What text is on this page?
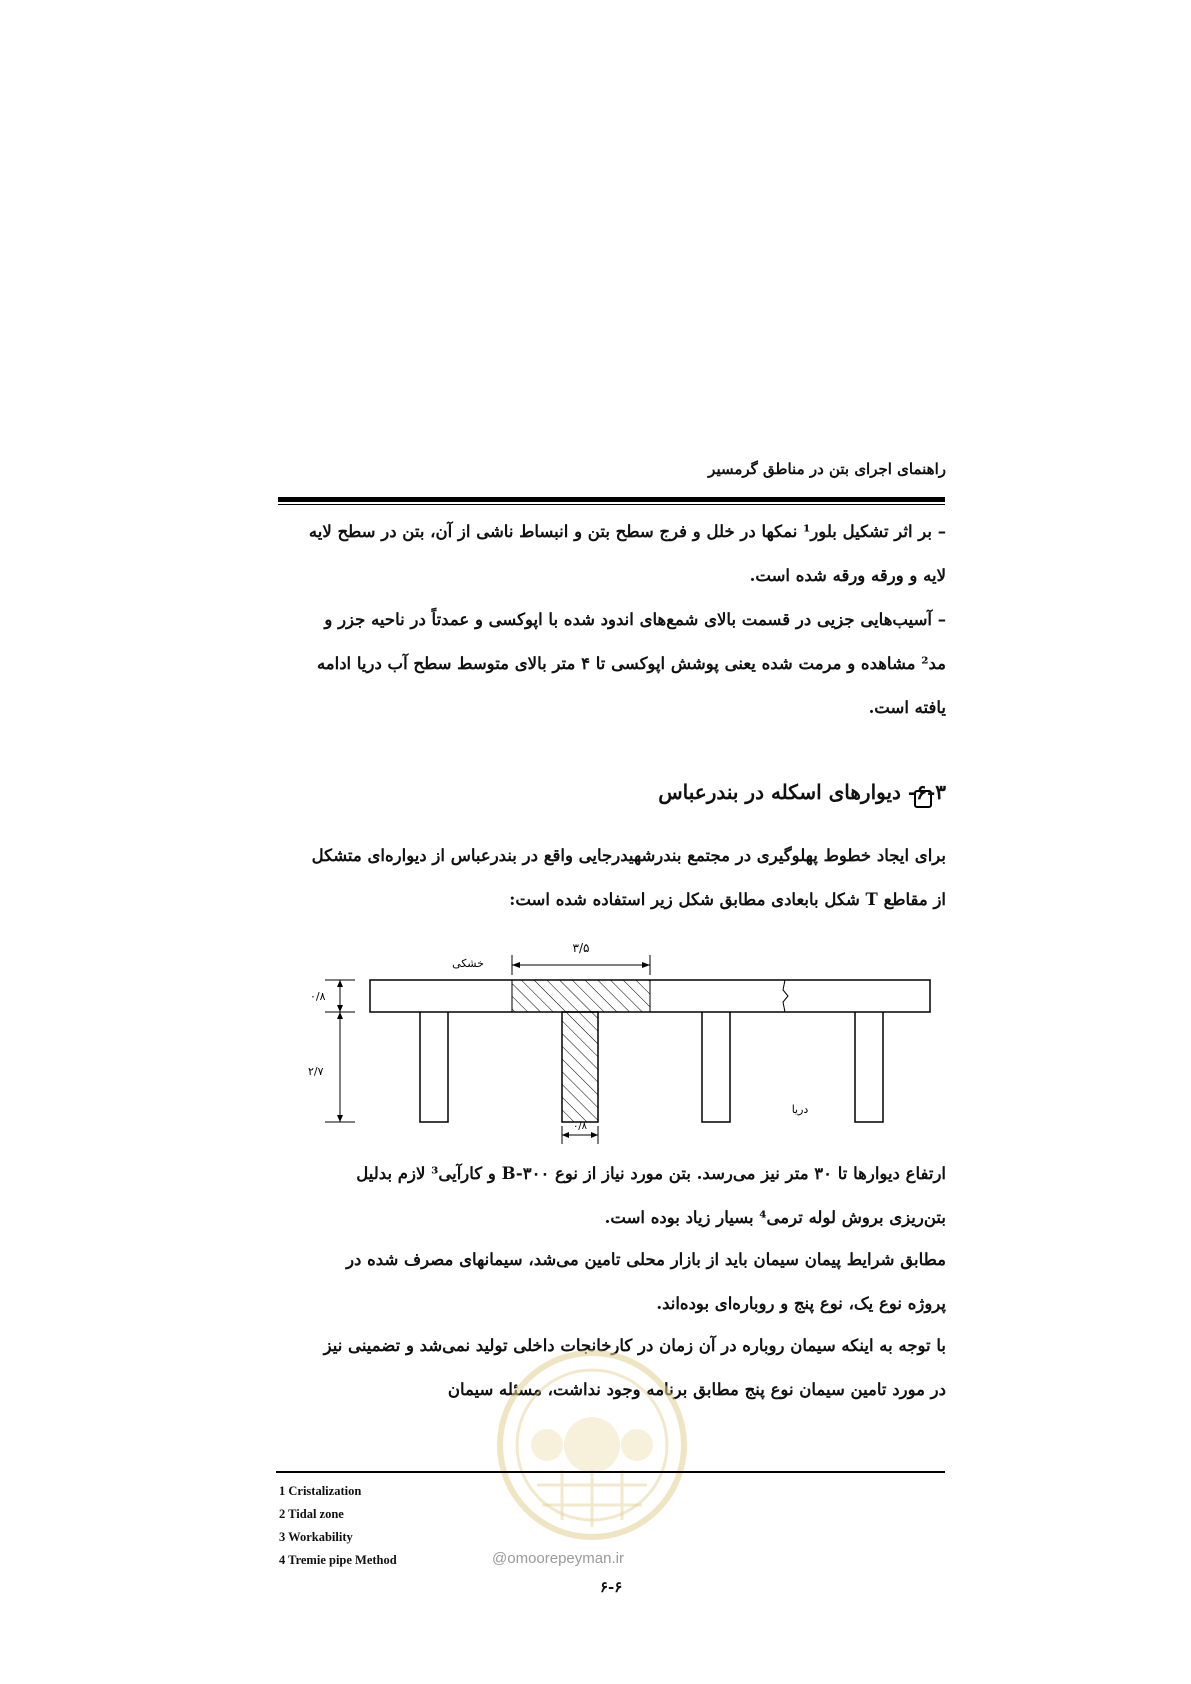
راهنمای اجرای بتن در مناطق گرمسیر
– بر اثر تشکیل بلور¹ نمکها در خلل و فرج سطح بتن و انبساط ناشی از آن، بتن در سطح لایه لایه و ورقه ورقه شده است.
– آسیب‌هایی جزیی در قسمت بالای شمع‌های اندود شده با اپوکسی و عمدتاً در ناحیه جزر و مد² مشاهده و مرمت شده یعنی پوشش اپوکسی تا ۴ متر بالای متوسط سطح آب دریا ادامه یافته است.
۶-۳- دیوارهای اسکله در بندرعباس
برای ایجاد خطوط پهلوگیری در مجتمع بندرشهیدرجایی واقع در بندرعباس از دیواره‌ای متشکل از مقاطع T شکل بابعادی مطابق شکل زیر استفاده شده است:
۳/۵
خشکی
۰/۸
۲/۷
۰/۸
دریا
ارتفاع دیوارها تا ۳۰ متر نیز می‌رسد. بتن مورد نیاز از نوع B-۳۰۰ و کارآیی³ لازم بدلیل بتن‌ریزی بروش لوله ترمی⁴ بسیار زیاد بوده است.
مطابق شرایط پیمان سیمان باید از بازار محلی تامین می‌شد، سیمانهای مصرف شده در پروژه نوع یک، نوع پنج و روباره‌ای بوده‌اند.
با توجه به اینکه سیمان روباره در آن زمان در کارخانجات داخلی تولید نمی‌شد و تضمینی نیز در مورد تامین سیمان نوع پنج مطابق برنامه وجود نداشت، مسئله سیمان
1 Cristalization
2 Tidal zone
3 Workability
4 Tremie pipe Method	@omoorepeyman.ir
۶-۶
